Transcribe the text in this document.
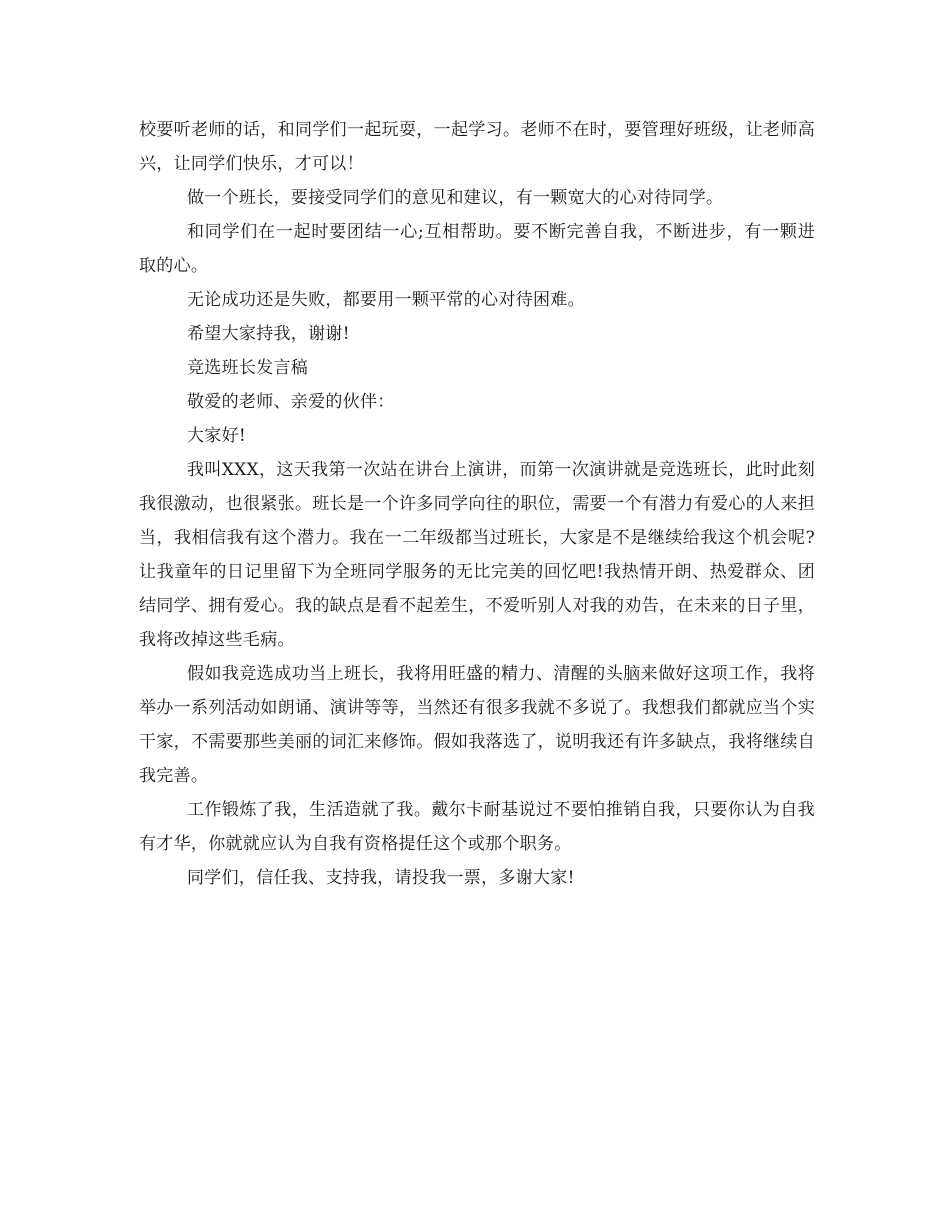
校要听老师的话，和同学们一起玩耍，一起学习。老师不在时，要管理好班级，让老师高兴，让同学们快乐，才可以！

做一个班长，要接受同学们的意见和建议，有一颗宽大的心对待同学。

和同学们在一起时要团结一心;互相帮助。要不断完善自我，不断进步，有一颗进取的心。

无论成功还是失败，都要用一颗平常的心对待困难。

希望大家持我，谢谢!

竞选班长发言稿

敬爱的老师、亲爱的伙伴：

大家好!

我叫XXX，这天我第一次站在讲台上演讲，而第一次演讲就是竞选班长，此时此刻我很激动，也很紧张。班长是一个许多同学向往的职位，需要一个有潜力有爱心的人来担当，我相信我有这个潜力。我在一二年级都当过班长，大家是不是继续给我这个机会呢?让我童年的日记里留下为全班同学服务的无比完美的回忆吧!我热情开朗、热爱群众、团结同学、拥有爱心。我的缺点是看不起差生，不爱听别人对我的劝告，在未来的日子里，我将改掉这些毛病。

假如我竞选成功当上班长，我将用旺盛的精力、清醒的头脑来做好这项工作，我将举办一系列活动如朗诵、演讲等等，当然还有很多我就不多说了。我想我们都就应当个实干家，不需要那些美丽的词汇来修饰。假如我落选了，说明我还有许多缺点，我将继续自我完善。

工作锻炼了我，生活造就了我。戴尔卡耐基说过不要怕推销自我，只要你认为自我有才华，你就就应认为自我有资格提任这个或那个职务。

同学们，信任我、支持我，请投我一票，多谢大家!
